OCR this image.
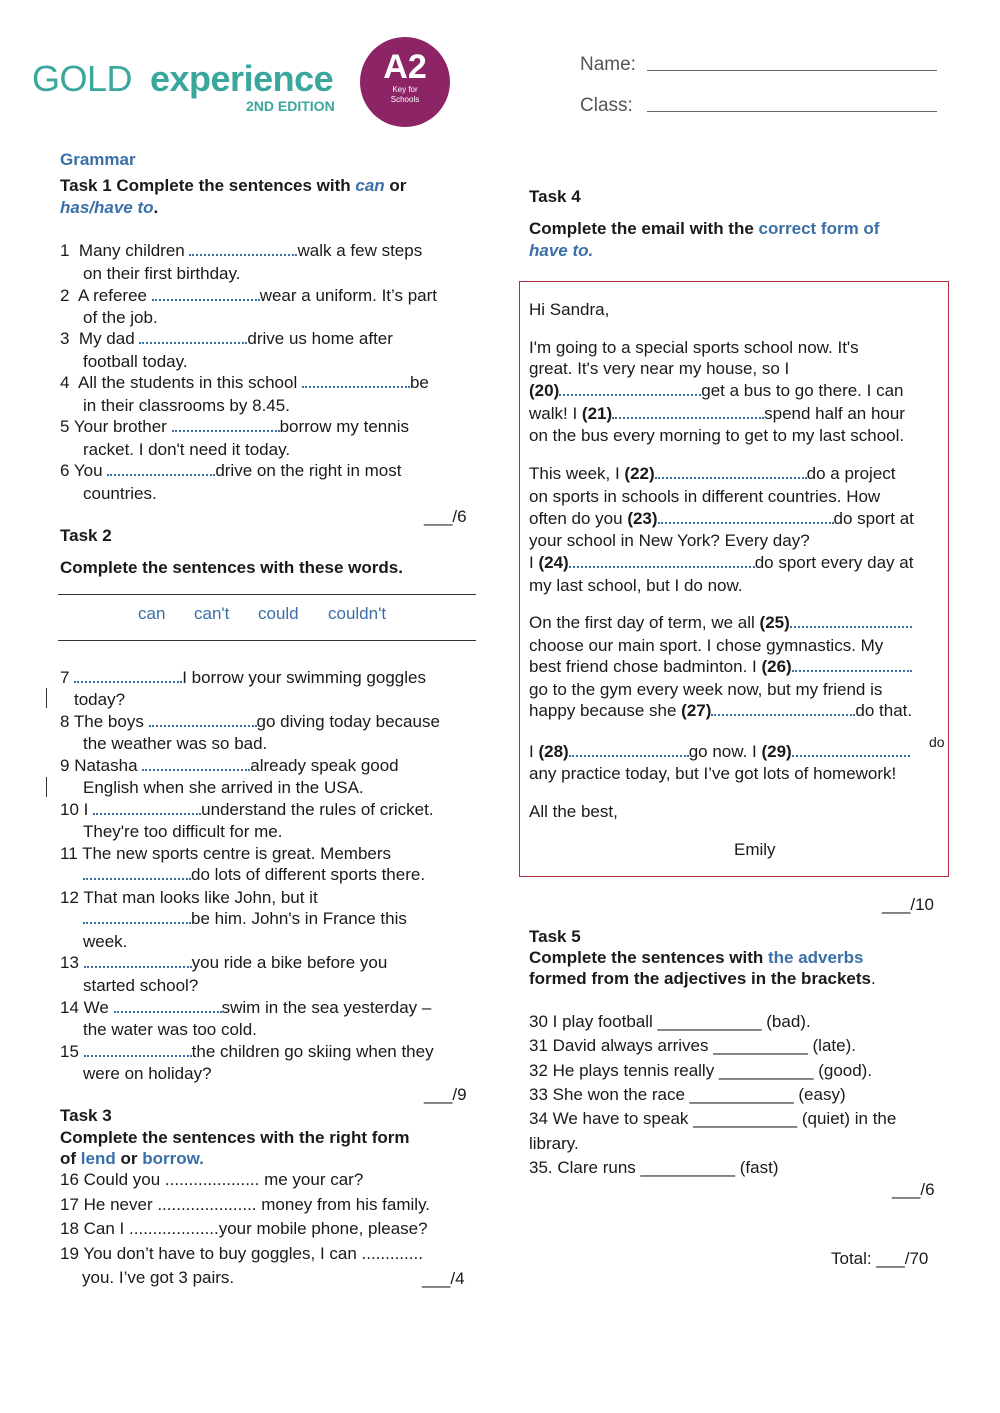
GOLD experience
2ND EDITION
A2
Key for
Schools
Name:
Class:
Grammar
Task 1 Complete the sentences with can or
has/have to.
1 Many children	walk a few steps
on their first birthday.
2 A referee	wear a uniform. It’s part
of the job.
3 My dad	drive us home after
football today.
4 All the students in this school	be
in their classrooms by 8.45.
5 Your brother	borrow my tennis
racket. I don't need it today.
6 You	drive on the right in most
countries.
___/6
Task 2
Complete the sentences with these words.
can can't could couldn't
7	I borrow your swimming goggles
today?
8 The boys	go diving today because
the weather was so bad.
9 Natasha	already speak good
English when she arrived in the USA.
10 I	understand the rules of cricket.
They're too difficult for me.
11 The new sports centre is great. Members
do lots of different sports there.
12 That man looks like John, but it
be him. John's in France this
week.
13	you ride a bike before you
started school?
14 We	swim in the sea yesterday –
the water was too cold.
15	the children go skiing when they
were on holiday?
___/9
Task 3
Complete the sentences with the right form
of lend or borrow.
16 Could you .................... me your car?
17 He never ..................... money from his family.
18 Can I ...................your mobile phone, please?
19 You don’t have to buy goggles, I can .............
you. I’ve got 3 pairs.	___/4
Task 4
Complete the email with the correct form of
have to.
Hi Sandra,
I'm going to a special sports school now. It's
great. It's very near my house, so I
(20)	get a bus to go there. I can
walk! I (21)	spend half an hour
on the bus every morning to get to my last school.
This week, I (22)	do a project
on sports in schools in different countries. How
often do you (23)	do sport at
your school in New York? Every day?
I (24)	do sport every day at
my last school, but I do now.
On the first day of term, we all (25)
choose our main sport. I chose gymnastics. My
best friend chose badminton. I (26)
go to the gym every week now, but my friend is
happy because she (27)	do that.
I (28)	go now. I (29)	do
any practice today, but I’ve got lots of homework!
All the best,
Emily
___/10
Task 5
Complete the sentences with the adverbs
formed from the adjectives in the brackets.
30 I play football ___________ (bad).
31 David always arrives __________ (late).
32 He plays tennis really __________ (good).
33 She won the race ___________ (easy)
34 We have to speak ___________ (quiet) in the
library.
35. Clare runs __________ (fast)
___/6
Total: ___/70
